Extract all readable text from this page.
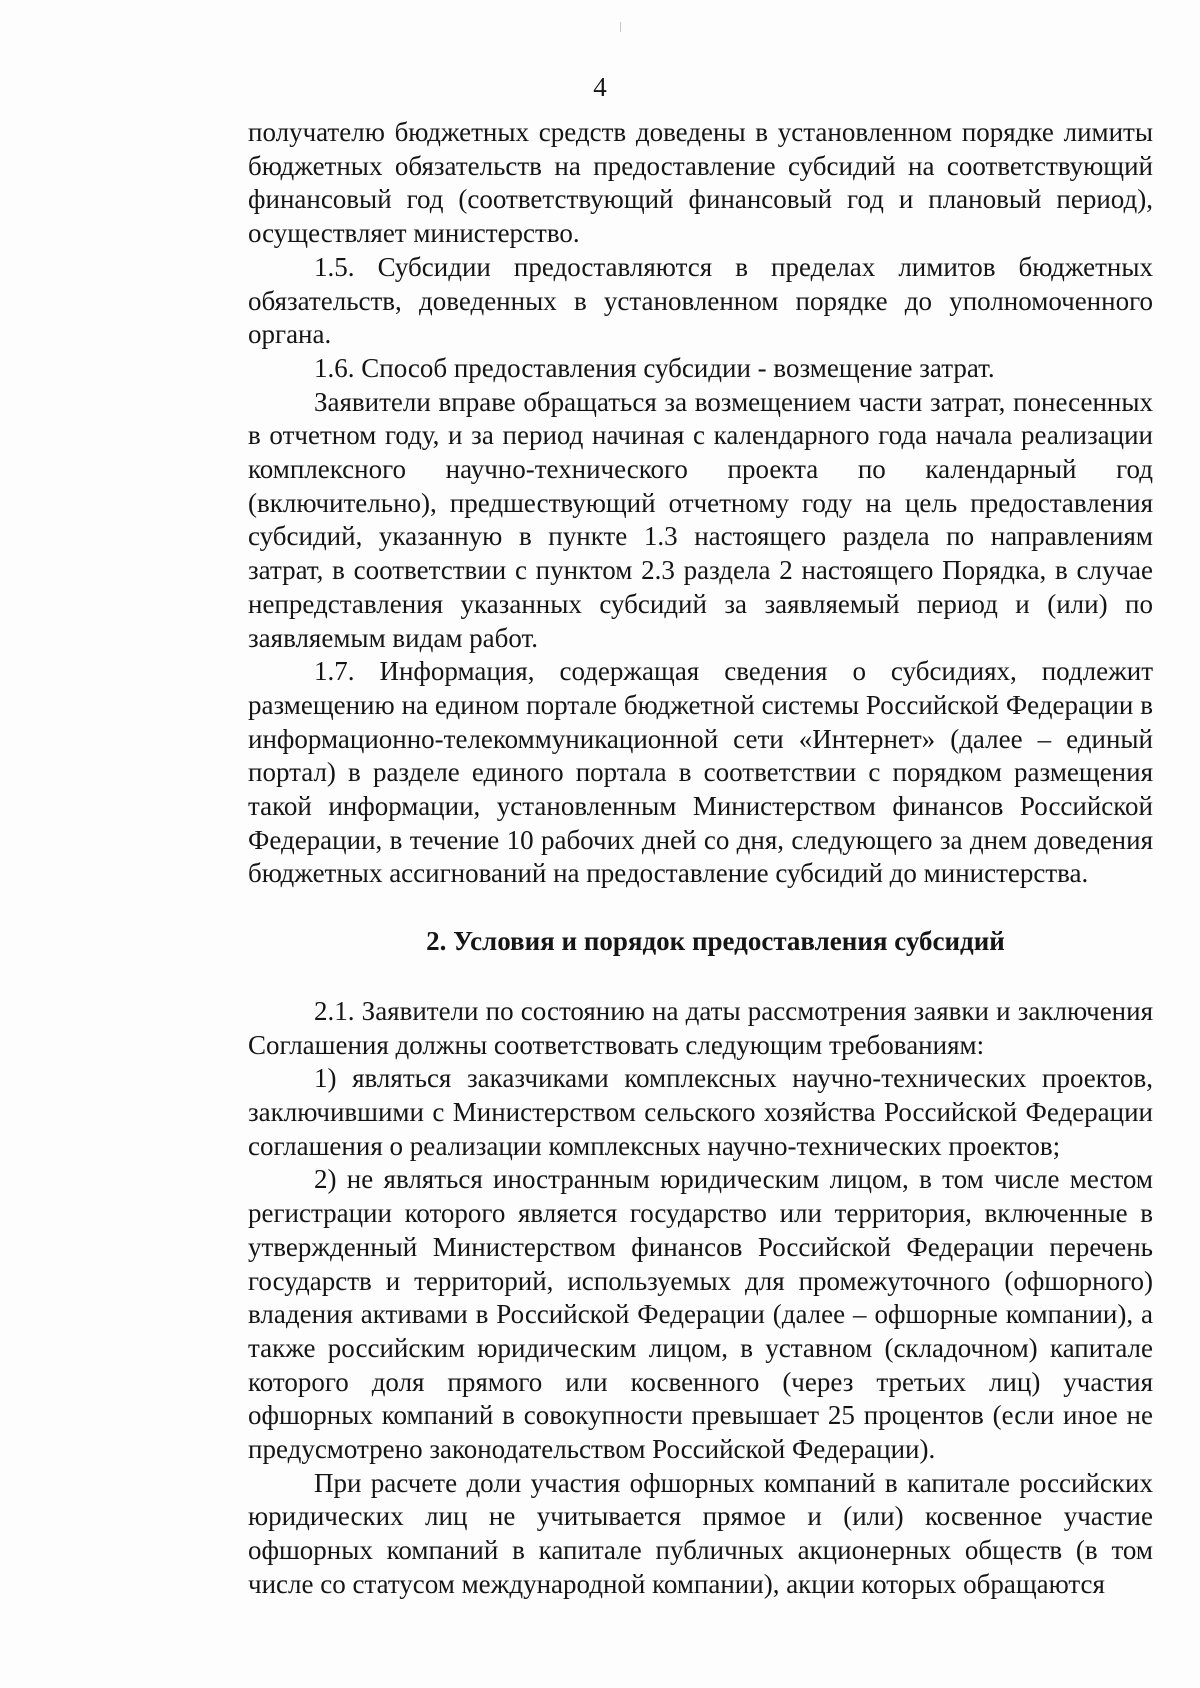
4

получателю бюджетных средств доведены в установленном порядке лимиты бюджетных обязательств на предоставление субсидий на соответствующий финансовый год (соответствующий финансовый год и плановый период), осуществляет министерство.

1.5. Субсидии предоставляются в пределах лимитов бюджетных обязательств, доведенных в установленном порядке до уполномоченного органа.

1.6. Способ предоставления субсидии - возмещение затрат.

Заявители вправе обращаться за возмещением части затрат, понесенных в отчетном году, и за период начиная с календарного года начала реализации комплексного научно-технического проекта по календарный год (включительно), предшествующий отчетному году на цель предоставления субсидий, указанную в пункте 1.3 настоящего раздела по направлениям затрат, в соответствии с пунктом 2.3 раздела 2 настоящего Порядка, в случае непредставления указанных субсидий за заявляемый период и (или) по заявляемым видам работ.

1.7. Информация, содержащая сведения о субсидиях, подлежит размещению на едином портале бюджетной системы Российской Федерации в информационно-телекоммуникационной сети «Интернет» (далее – единый портал) в разделе единого портала в соответствии с порядком размещения такой информации, установленным Министерством финансов Российской Федерации, в течение 10 рабочих дней со дня, следующего за днем доведения бюджетных ассигнований на предоставление субсидий до министерства.

2. Условия и порядок предоставления субсидий

2.1. Заявители по состоянию на даты рассмотрения заявки и заключения Соглашения должны соответствовать следующим требованиям:

1) являться заказчиками комплексных научно-технических проектов, заключившими с Министерством сельского хозяйства Российской Федерации соглашения о реализации комплексных научно-технических проектов;

2) не являться иностранным юридическим лицом, в том числе местом регистрации которого является государство или территория, включенные в утвержденный Министерством финансов Российской Федерации перечень государств и территорий, используемых для промежуточного (офшорного) владения активами в Российской Федерации (далее – офшорные компании), а также российским юридическим лицом, в уставном (складочном) капитале которого доля прямого или косвенного (через третьих лиц) участия офшорных компаний в совокупности превышает 25 процентов (если иное не предусмотрено законодательством Российской Федерации).

При расчете доли участия офшорных компаний в капитале российских юридических лиц не учитывается прямое и (или) косвенное участие офшорных компаний в капитале публичных акционерных обществ (в том числе со статусом международной компании), акции которых обращаются
